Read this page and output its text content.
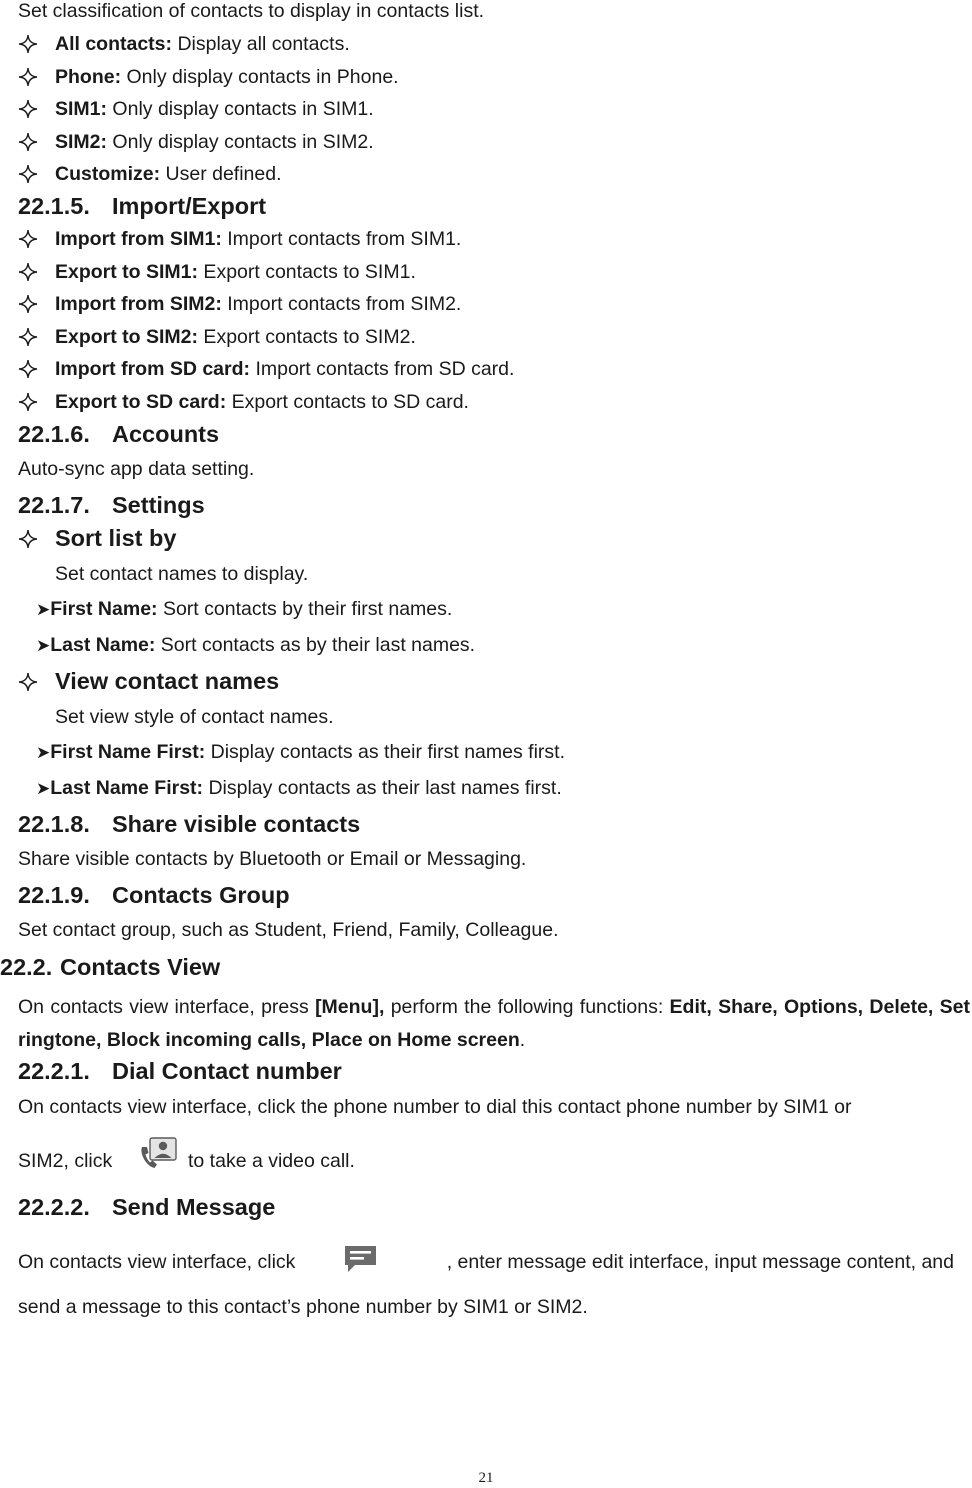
Set classification of contacts to display in contacts list.
All contacts: Display all contacts.
Phone: Only display contacts in Phone.
SIM1: Only display contacts in SIM1.
SIM2: Only display contacts in SIM2.
Customize: User defined.
22.1.5. Import/Export
Import from SIM1: Import contacts from SIM1.
Export to SIM1: Export contacts to SIM1.
Import from SIM2: Import contacts from SIM2.
Export to SIM2: Export contacts to SIM2.
Import from SD card: Import contacts from SD card.
Export to SD card: Export contacts to SD card.
22.1.6. Accounts
Auto-sync app data setting.
22.1.7. Settings
Sort list by
Set contact names to display.
➤First Name: Sort contacts by their first names.
➤Last Name: Sort contacts as by their last names.
View contact names
Set view style of contact names.
➤First Name First: Display contacts as their first names first.
➤Last Name First: Display contacts as their last names first.
22.1.8. Share visible contacts
Share visible contacts by Bluetooth or Email or Messaging.
22.1.9. Contacts Group
Set contact group, such as Student, Friend, Family, Colleague.
22.2. Contacts View
On contacts view interface, press [Menu], perform the following functions: Edit, Share, Options, Delete, Set ringtone, Block incoming calls, Place on Home screen.
22.2.1. Dial Contact number
On contacts view interface, click the phone number to dial this contact phone number by SIM1 or
SIM2, click	to take a video call.
22.2.2. Send Message
On contacts view interface, click	, enter message edit interface, input message content, and
send a message to this contact’s phone number by SIM1 or SIM2.
21
